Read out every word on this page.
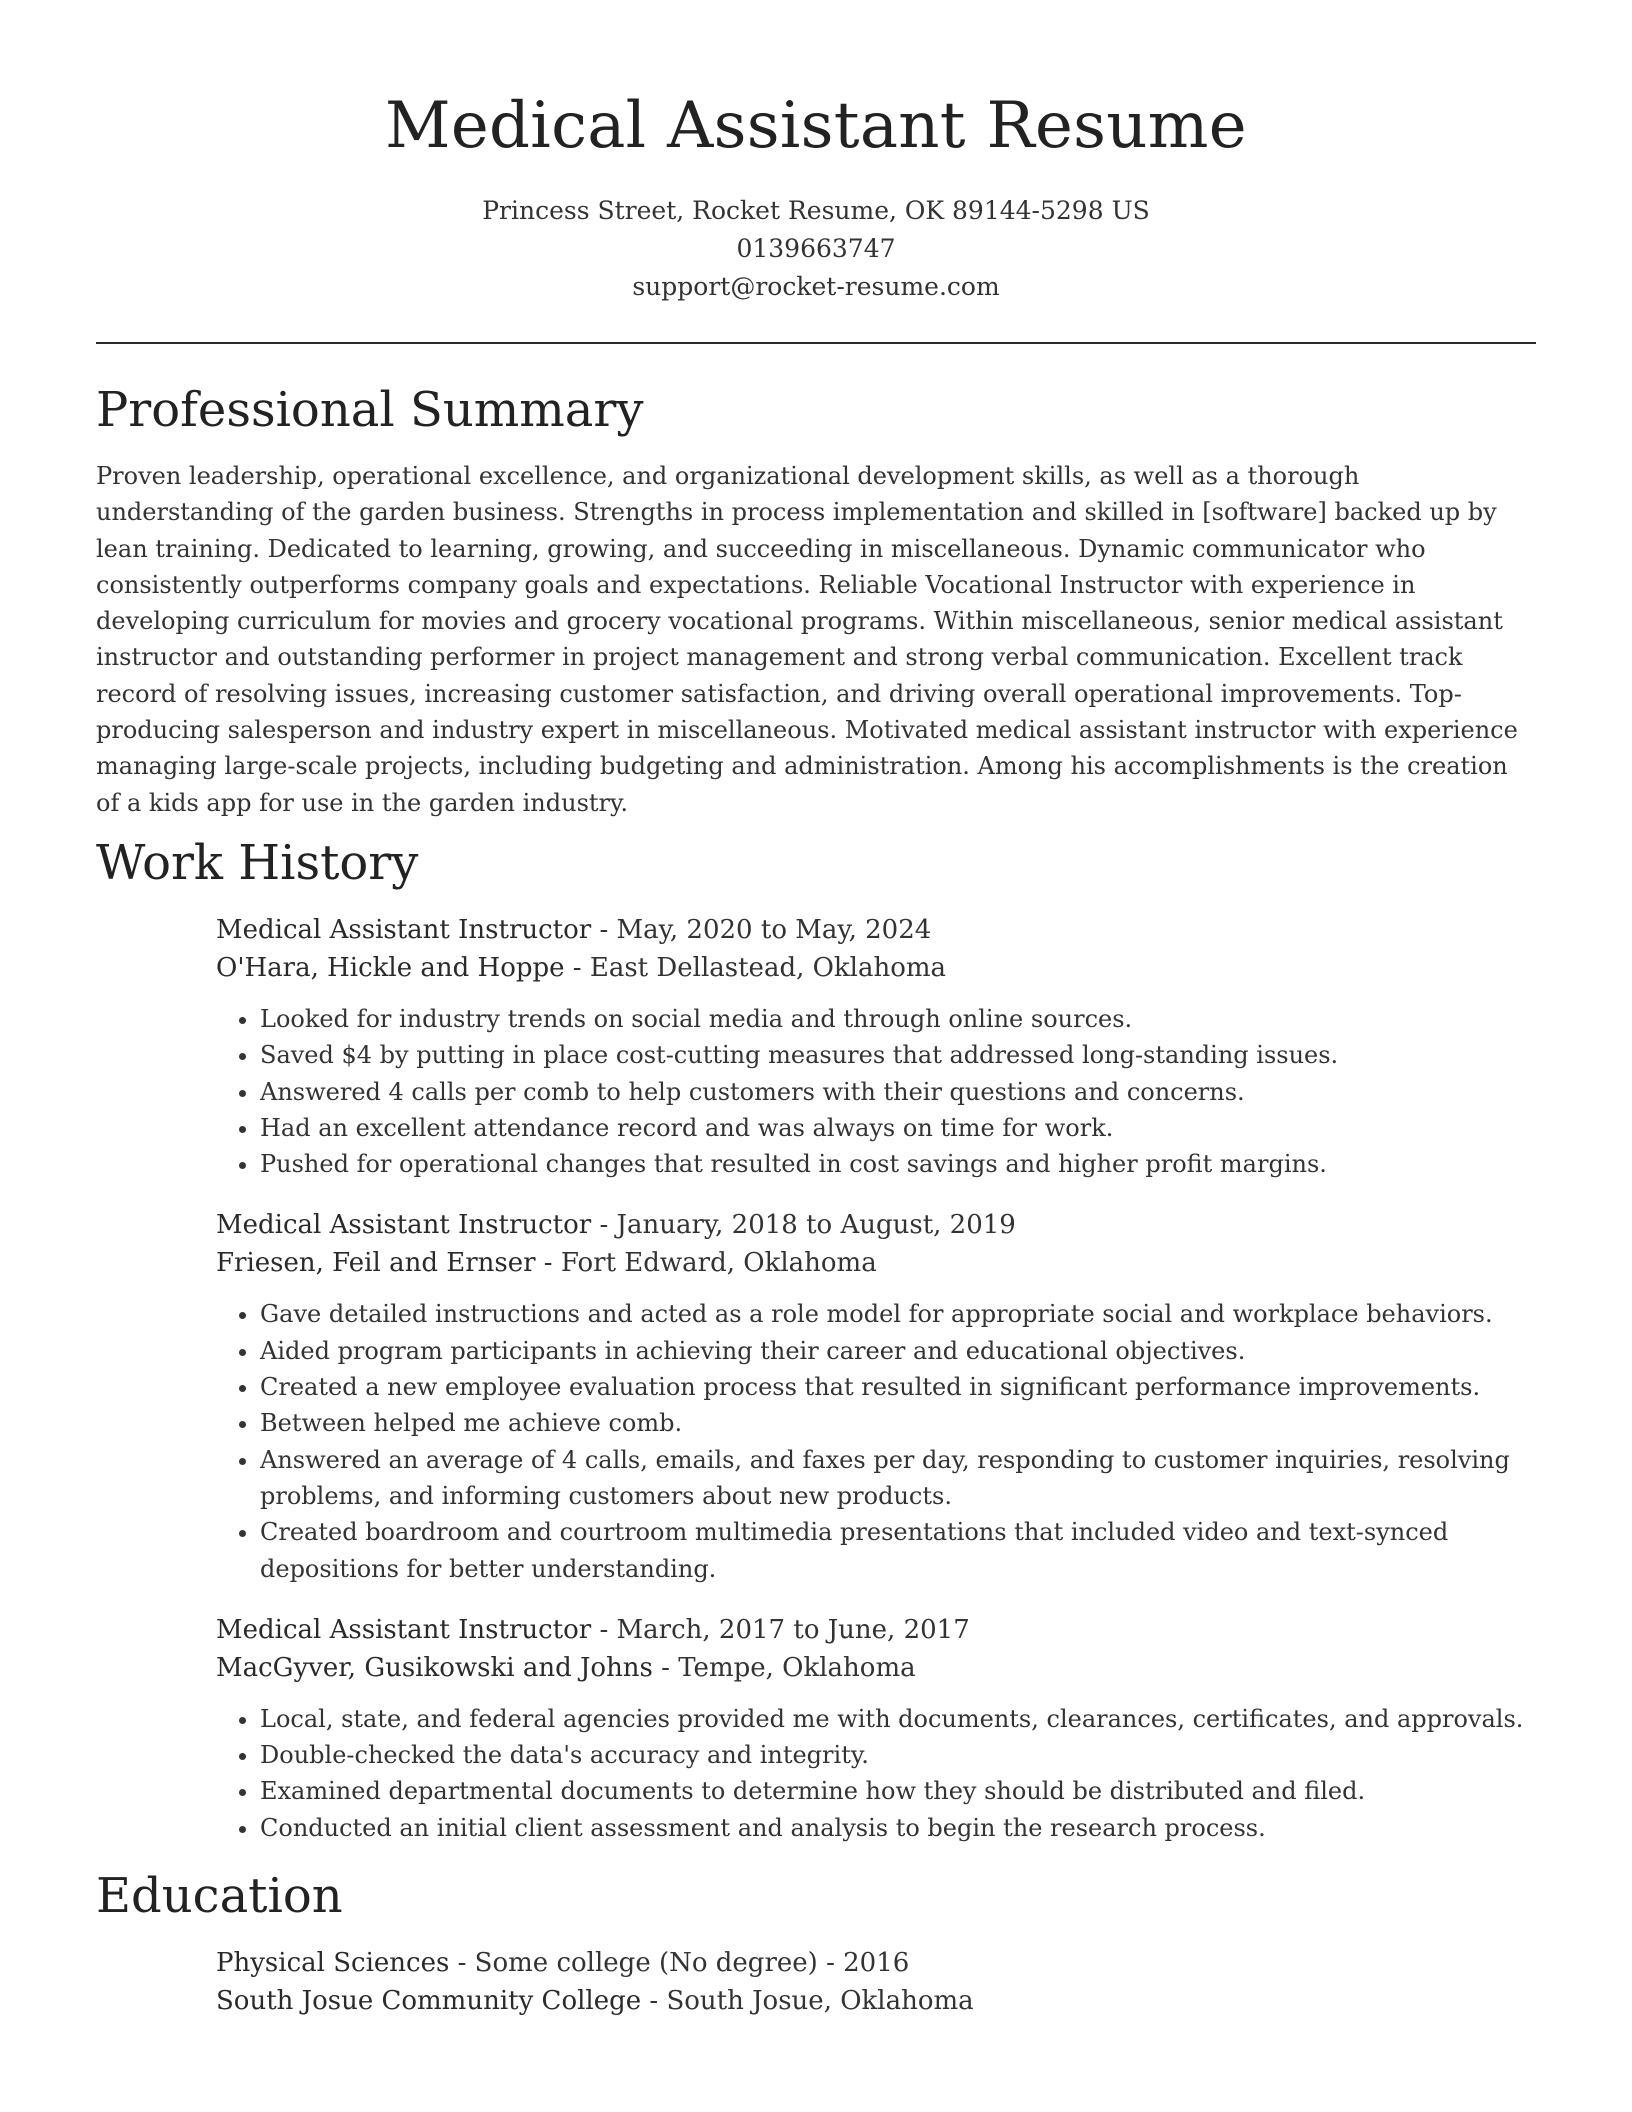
Medical Assistant Resume
Princess Street, Rocket Resume, OK 89144-5298 US
0139663747
support@rocket-resume.com
Professional Summary

Proven leadership, operational excellence, and organizational development skills, as well as a thorough understanding of the garden business. Strengths in process implementation and skilled in [software] backed up by lean training. Dedicated to learning, growing, and succeeding in miscellaneous. Dynamic communicator who consistently outperforms company goals and expectations. Reliable Vocational Instructor with experience in developing curriculum for movies and grocery vocational programs. Within miscellaneous, senior medical assistant instructor and outstanding performer in project management and strong verbal communication. Excellent track record of resolving issues, increasing customer satisfaction, and driving overall operational improvements. Top-producing salesperson and industry expert in miscellaneous. Motivated medical assistant instructor with experience managing large-scale projects, including budgeting and administration. Among his accomplishments is the creation of a kids app for use in the garden industry.

Work History
Medical Assistant Instructor - May, 2020 to May, 2024
O'Hara, Hickle and Hoppe - East Dellastead, Oklahoma
• Looked for industry trends on social media and through online sources.
• Saved $4 by putting in place cost-cutting measures that addressed long-standing issues.
• Answered 4 calls per comb to help customers with their questions and concerns.
• Had an excellent attendance record and was always on time for work.
• Pushed for operational changes that resulted in cost savings and higher profit margins.
Medical Assistant Instructor - January, 2018 to August, 2019
Friesen, Feil and Ernser - Fort Edward, Oklahoma
• Gave detailed instructions and acted as a role model for appropriate social and workplace behaviors.
• Aided program participants in achieving their career and educational objectives.
• Created a new employee evaluation process that resulted in significant performance improvements.
• Between helped me achieve comb.
• Answered an average of 4 calls, emails, and faxes per day, responding to customer inquiries, resolving problems, and informing customers about new products.
• Created boardroom and courtroom multimedia presentations that included video and text-synced depositions for better understanding.
Medical Assistant Instructor - March, 2017 to June, 2017
MacGyver, Gusikowski and Johns - Tempe, Oklahoma
• Local, state, and federal agencies provided me with documents, clearances, certificates, and approvals.
• Double-checked the data's accuracy and integrity.
• Examined departmental documents to determine how they should be distributed and filed.
• Conducted an initial client assessment and analysis to begin the research process.
Education
Physical Sciences - Some college (No degree) - 2016
South Josue Community College - South Josue, Oklahoma
